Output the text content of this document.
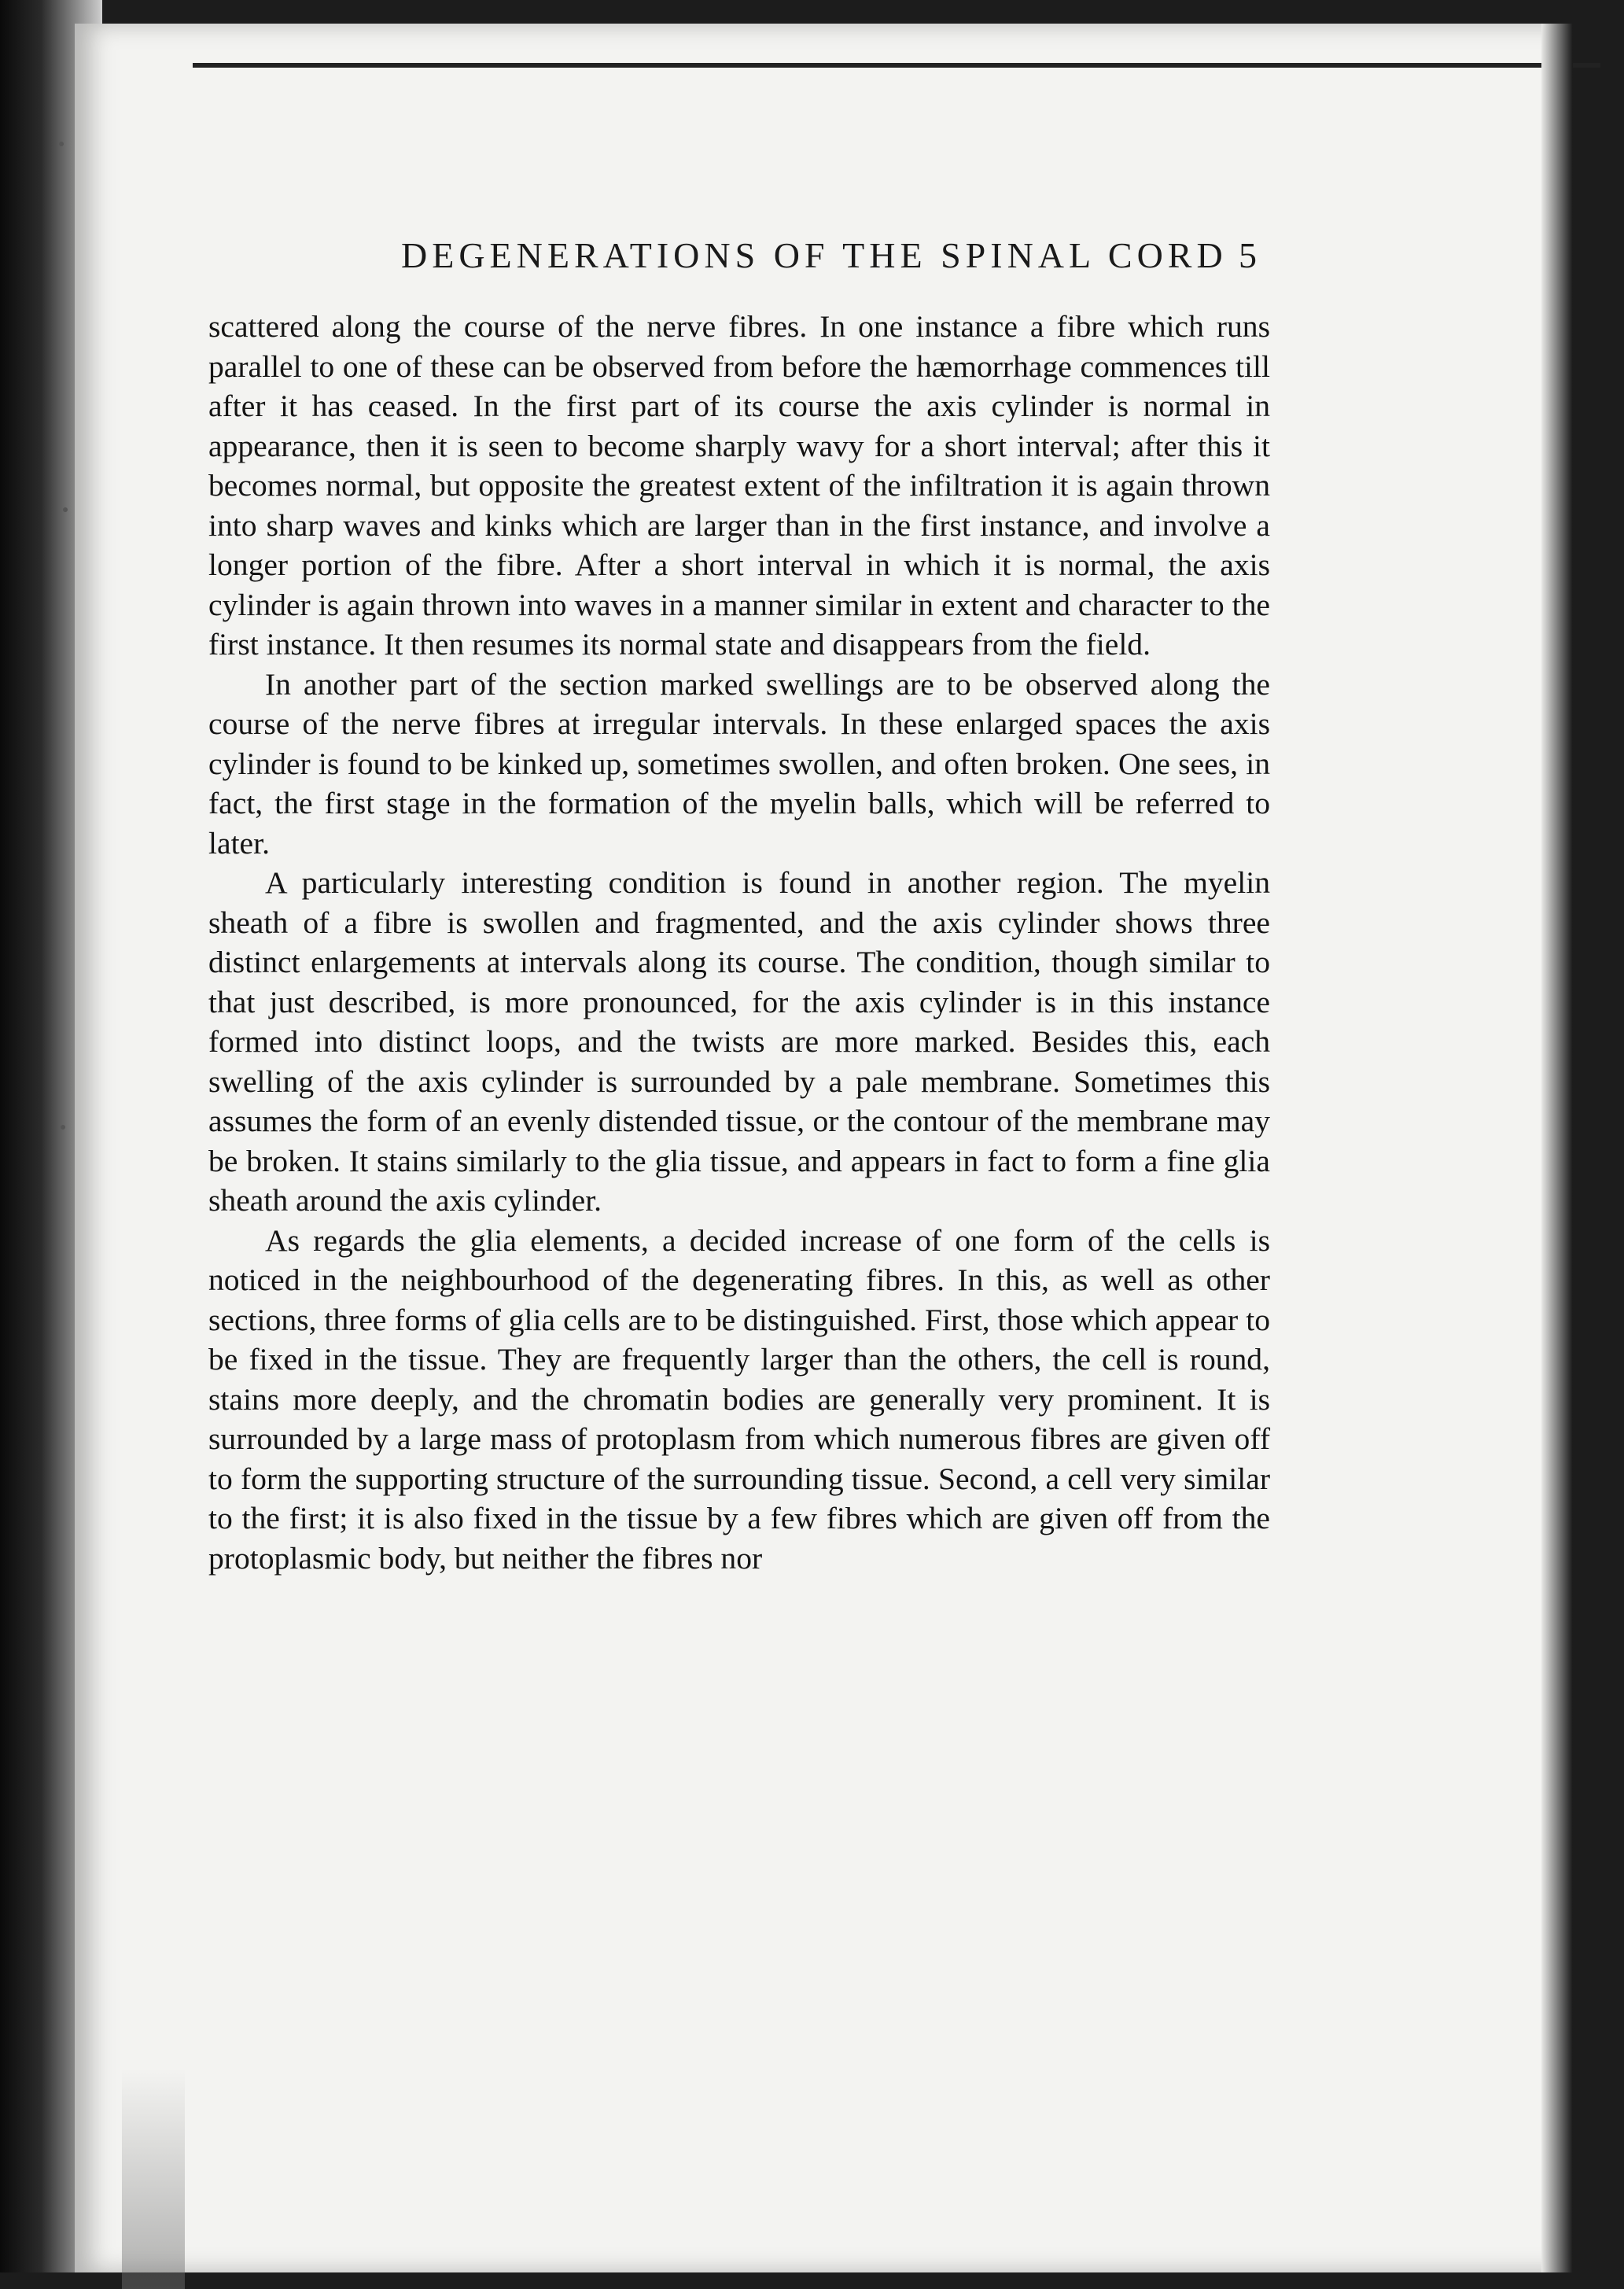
DEGENERATIONS OF THE SPINAL CORD 5

scattered along the course of the nerve fibres. In one instance a fibre which runs parallel to one of these can be observed from before the hæmorrhage commences till after it has ceased. In the first part of its course the axis cylinder is normal in appearance, then it is seen to become sharply wavy for a short interval; after this it becomes normal, but opposite the greatest extent of the infiltration it is again thrown into sharp waves and kinks which are larger than in the first instance, and involve a longer portion of the fibre. After a short interval in which it is normal, the axis cylinder is again thrown into waves in a manner similar in extent and character to the first instance. It then resumes its normal state and disappears from the field.

In another part of the section marked swellings are to be observed along the course of the nerve fibres at irregular intervals. In these enlarged spaces the axis cylinder is found to be kinked up, sometimes swollen, and often broken. One sees, in fact, the first stage in the formation of the myelin balls, which will be referred to later.

A particularly interesting condition is found in another region. The myelin sheath of a fibre is swollen and fragmented, and the axis cylinder shows three distinct enlargements at intervals along its course. The condition, though similar to that just described, is more pronounced, for the axis cylinder is in this instance formed into distinct loops, and the twists are more marked. Besides this, each swelling of the axis cylinder is surrounded by a pale membrane. Sometimes this assumes the form of an evenly distended tissue, or the contour of the membrane may be broken. It stains similarly to the glia tissue, and appears in fact to form a fine glia sheath around the axis cylinder.

As regards the glia elements, a decided increase of one form of the cells is noticed in the neighbourhood of the degenerating fibres. In this, as well as other sections, three forms of glia cells are to be distinguished. First, those which appear to be fixed in the tissue. They are frequently larger than the others, the cell is round, stains more deeply, and the chromatin bodies are generally very prominent. It is surrounded by a large mass of protoplasm from which numerous fibres are given off to form the supporting structure of the surrounding tissue. Second, a cell very similar to the first; it is also fixed in the tissue by a few fibres which are given off from the protoplasmic body, but neither the fibres nor
